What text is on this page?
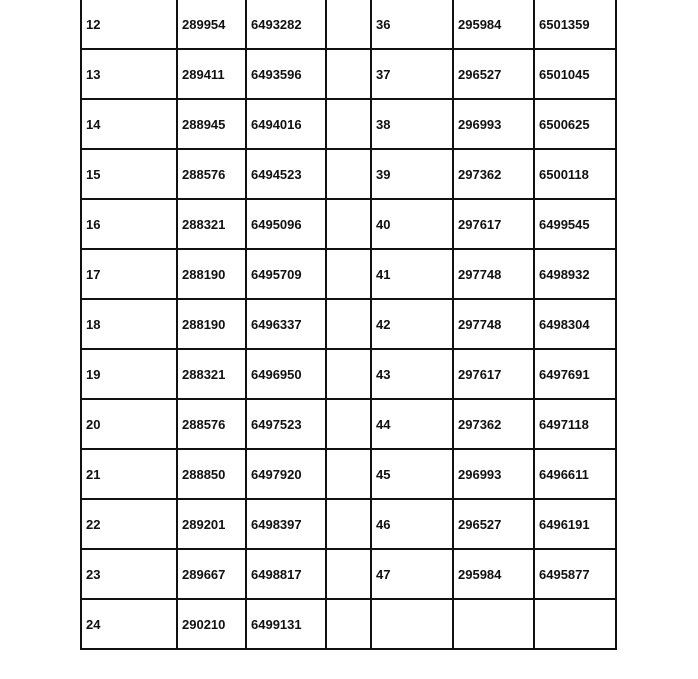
12	289954	6493282		36	295984	6501359
13	289411	6493596		37	296527	6501045
14	288945	6494016		38	296993	6500625
15	288576	6494523		39	297362	6500118
16	288321	6495096		40	297617	6499545
17	288190	6495709		41	297748	6498932
18	288190	6496337		42	297748	6498304
19	288321	6496950		43	297617	6497691
20	288576	6497523		44	297362	6497118
21	288850	6497920		45	296993	6496611
22	289201	6498397		46	296527	6496191
23	289667	6498817		47	295984	6495877
24	290210	6499131				
